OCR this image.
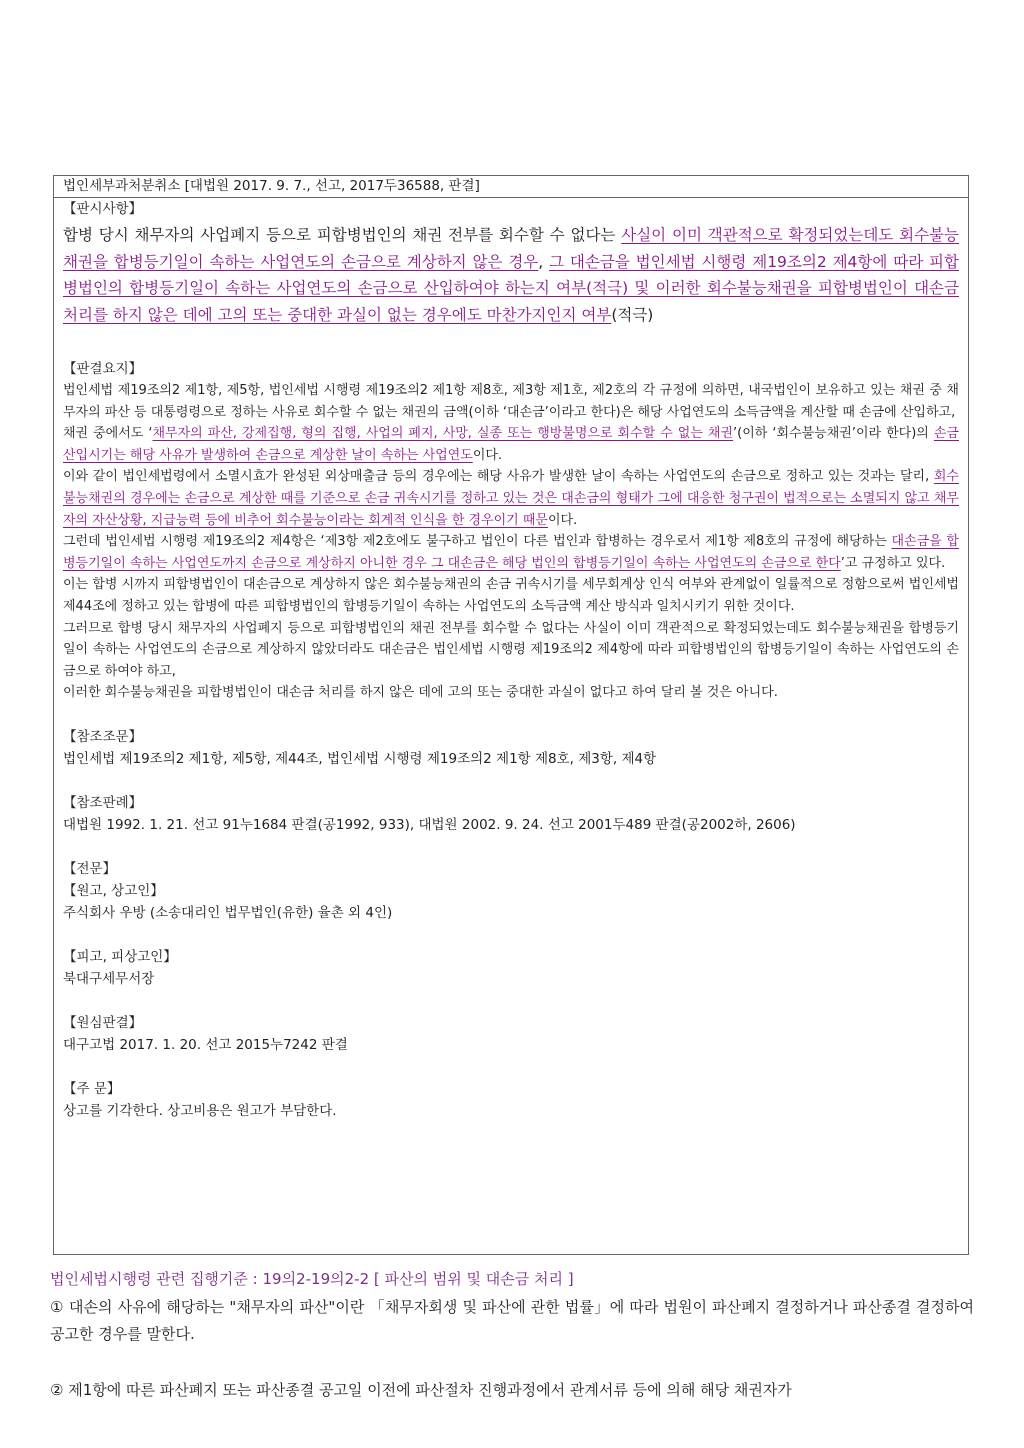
법인세부과처분취소 [대법원 2017. 9. 7., 선고, 2017두36588, 판결]
【판시사항】
합병 당시 채무자의 사업폐지 등으로 피합병법인의 채권 전부를 회수할 수 없다는 사실이 이미 객관적으로 확정되었는데도 회수불능채권을 합병등기일이 속하는 사업연도의 손금으로 계상하지 않은 경우, 그 대손금을 법인세법 시행령 제19조의2 제4항에 따라 피합병법인의 합병등기일이 속하는 사업연도의 손금으로 산입하여야 하는지 여부(적극) 및 이러한 회수불능채권을 피합병법인이 대손금 처리를 하지 않은 데에 고의 또는 중대한 과실이 없는 경우에도 마찬가지인지 여부(적극)
【판결요지】
법인세법 제19조의2 제1항, 제5항, 법인세법 시행령 제19조의2 제1항 제8호, 제3항 제1호, 제2호의 각 규정에 의하면, 내국법인이 보유하고 있는 채권 중 채무자의 파산 등 대통령령으로 정하는 사유로 회수할 수 없는 채권의 금액(이하 ‘대손금’이라고 한다)은 해당 사업연도의 소득금액을 계산할 때 손금에 산입하고,
채권 중에서도 ‘채무자의 파산, 강제집행, 형의 집행, 사업의 폐지, 사망, 실종 또는 행방불명으로 회수할 수 없는 채권’(이하 ‘회수불능채권’이라 한다)의 손금 산입시기는 해당 사유가 발생하여 손금으로 계상한 날이 속하는 사업연도이다.
이와 같이 법인세법령에서 소멸시효가 완성된 외상매출금 등의 경우에는 해당 사유가 발생한 날이 속하는 사업연도의 손금으로 정하고 있는 것과는 달리, 회수불능채권의 경우에는 손금으로 계상한 때를 기준으로 손금 귀속시기를 정하고 있는 것은 대손금의 형태가 그에 대응한 청구권이 법적으로는 소멸되지 않고 채무자의 자산상황, 지급능력 등에 비추어 회수불능이라는 회계적 인식을 한 경우이기 때문이다.
그런데 법인세법 시행령 제19조의2 제4항은 ‘제3항 제2호에도 불구하고 법인이 다른 법인과 합병하는 경우로서 제1항 제8호의 규정에 해당하는 대손금을 합병등기일이 속하는 사업연도까지 손금으로 계상하지 아니한 경우 그 대손금은 해당 법인의 합병등기일이 속하는 사업연도의 손금으로 한다’고 규정하고 있다.
이는 합병 시까지 피합병법인이 대손금으로 계상하지 않은 회수불능채권의 손금 귀속시기를 세무회계상 인식 여부와 관계없이 일률적으로 정함으로써 법인세법 제44조에 정하고 있는 합병에 따른 피합병법인의 합병등기일이 속하는 사업연도의 소득금액 계산 방식과 일치시키기 위한 것이다.
그러므로 합병 당시 채무자의 사업폐지 등으로 피합병법인의 채권 전부를 회수할 수 없다는 사실이 이미 객관적으로 확정되었는데도 회수불능채권을 합병등기일이 속하는 사업연도의 손금으로 계상하지 않았더라도 대손금은 법인세법 시행령 제19조의2 제4항에 따라 피합병법인의 합병등기일이 속하는 사업연도의 손금으로 하여야 하고,
이러한 회수불능채권을 피합병법인이 대손금 처리를 하지 않은 데에 고의 또는 중대한 과실이 없다고 하여 달리 볼 것은 아니다.
【참조조문】
법인세법 제19조의2 제1항, 제5항, 제44조, 법인세법 시행령 제19조의2 제1항 제8호, 제3항, 제4항
【참조판례】
대법원 1992. 1. 21. 선고 91누1684 판결(공1992, 933), 대법원 2002. 9. 24. 선고 2001두489 판결(공2002하, 2606)
【전문】
【원고, 상고인】
주식회사 우방 (소송대리인 법무법인(유한) 율촌 외 4인)
【피고, 피상고인】
북대구세무서장
【원심판결】
대구고법 2017. 1. 20. 선고 2015누7242 판결
【주 문】
상고를 기각한다. 상고비용은 원고가 부담한다.
법인세법시행령 관련 집행기준 : 19의2-19의2-2 [ 파산의 범위 및 대손금 처리 ]
① 대손의 사유에 해당하는 "채무자의 파산"이란 「채무자회생 및 파산에 관한 법률」에 따라 법원이 파산폐지 결정하거나 파산종결 결정하여 공고한 경우를 말한다.
② 제1항에 따른 파산폐지 또는 파산종결 공고일 이전에 파산절차 진행과정에서 관계서류 등에 의해 해당 채권자가
